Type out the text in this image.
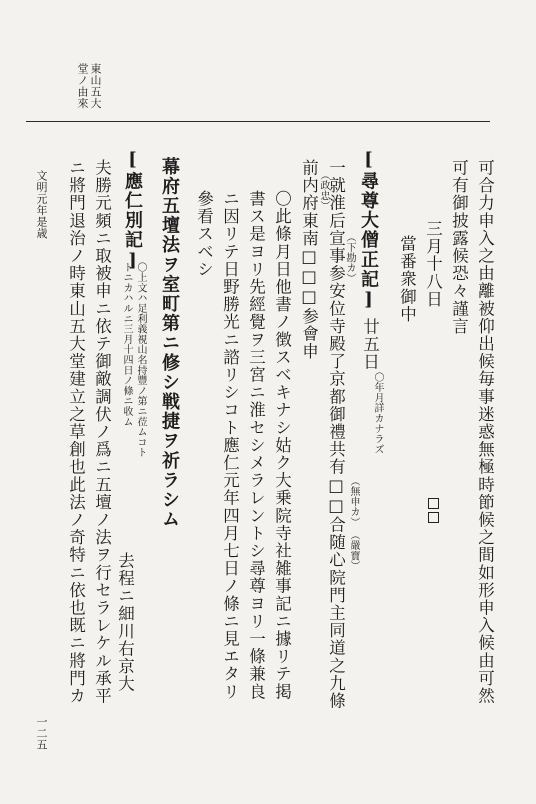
東山五大
堂ノ由來
文明元年是歳
一二五
可合力申入之由離被仰出候毎事迷惑無極時節候之間如形申入候由可然
可有御披露候恐々謹言
三月十八日
當番衆御中
[尋尊大僧正記]
廿五日
〇年月詳カナラズ
一就淮后宣事参安位寺殿了京都御禮共有□□合随心院門主同道之九條 （無申カ）
（嚴寶）
（下勘カ）
前内府東南□□□参會申 （政忠）
〇此條月日他書ノ徴スベキナシ姑ク大乗院寺社雑事記ニ據リテ掲
書ス是ヨリ先經覺ヲ三宮ニ淮セシメラレントシ尋尊ヨリ一條兼良
ニ因リテ日野勝光ニ諮リシコト應仁元年四月七日ノ條ニ見エタリ
參看スベシ
幕府五壇法ヲ室町第ニ修シ戦捷ヲ祈ラシム
[應仁別記]
〇上文ハ足利義視山名持豐ノ第ニ莅ムコト
トニカハルニ三月十四日ノ條ニ收ム
去程ニ細川右京大
夫勝元頻ニ取被申ニ依テ御敵調伏ノ爲ニ五壇ノ法ヲ行セラレケル承平
ニ將門退治ノ時東山五大堂建立之草創也此法ノ奇特ニ依也既ニ將門カ
